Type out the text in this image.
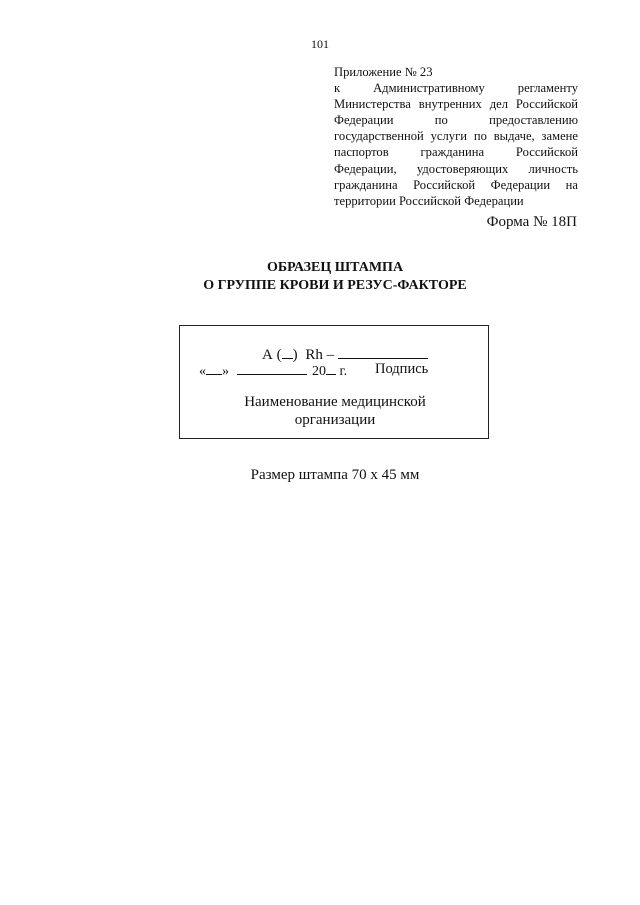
101
Приложение № 23
к Административному регламенту
Министерства внутренних дел Российской
Федерации по предоставлению
государственной услуги по выдаче, замене
паспортов гражданина Российской
Федерации, удостоверяющих личность
гражданина Российской Федерации на
территории Российской Федерации
Форма № 18П
ОБРАЗЕЦ ШТАМПА
О ГРУППЕ КРОВИ И РЕЗУС-ФАКТОРЕ
А ( ) Rh –
« »	20 г. Подпись
Наименование медицинской
организации
Размер штампа 70 х 45 мм
